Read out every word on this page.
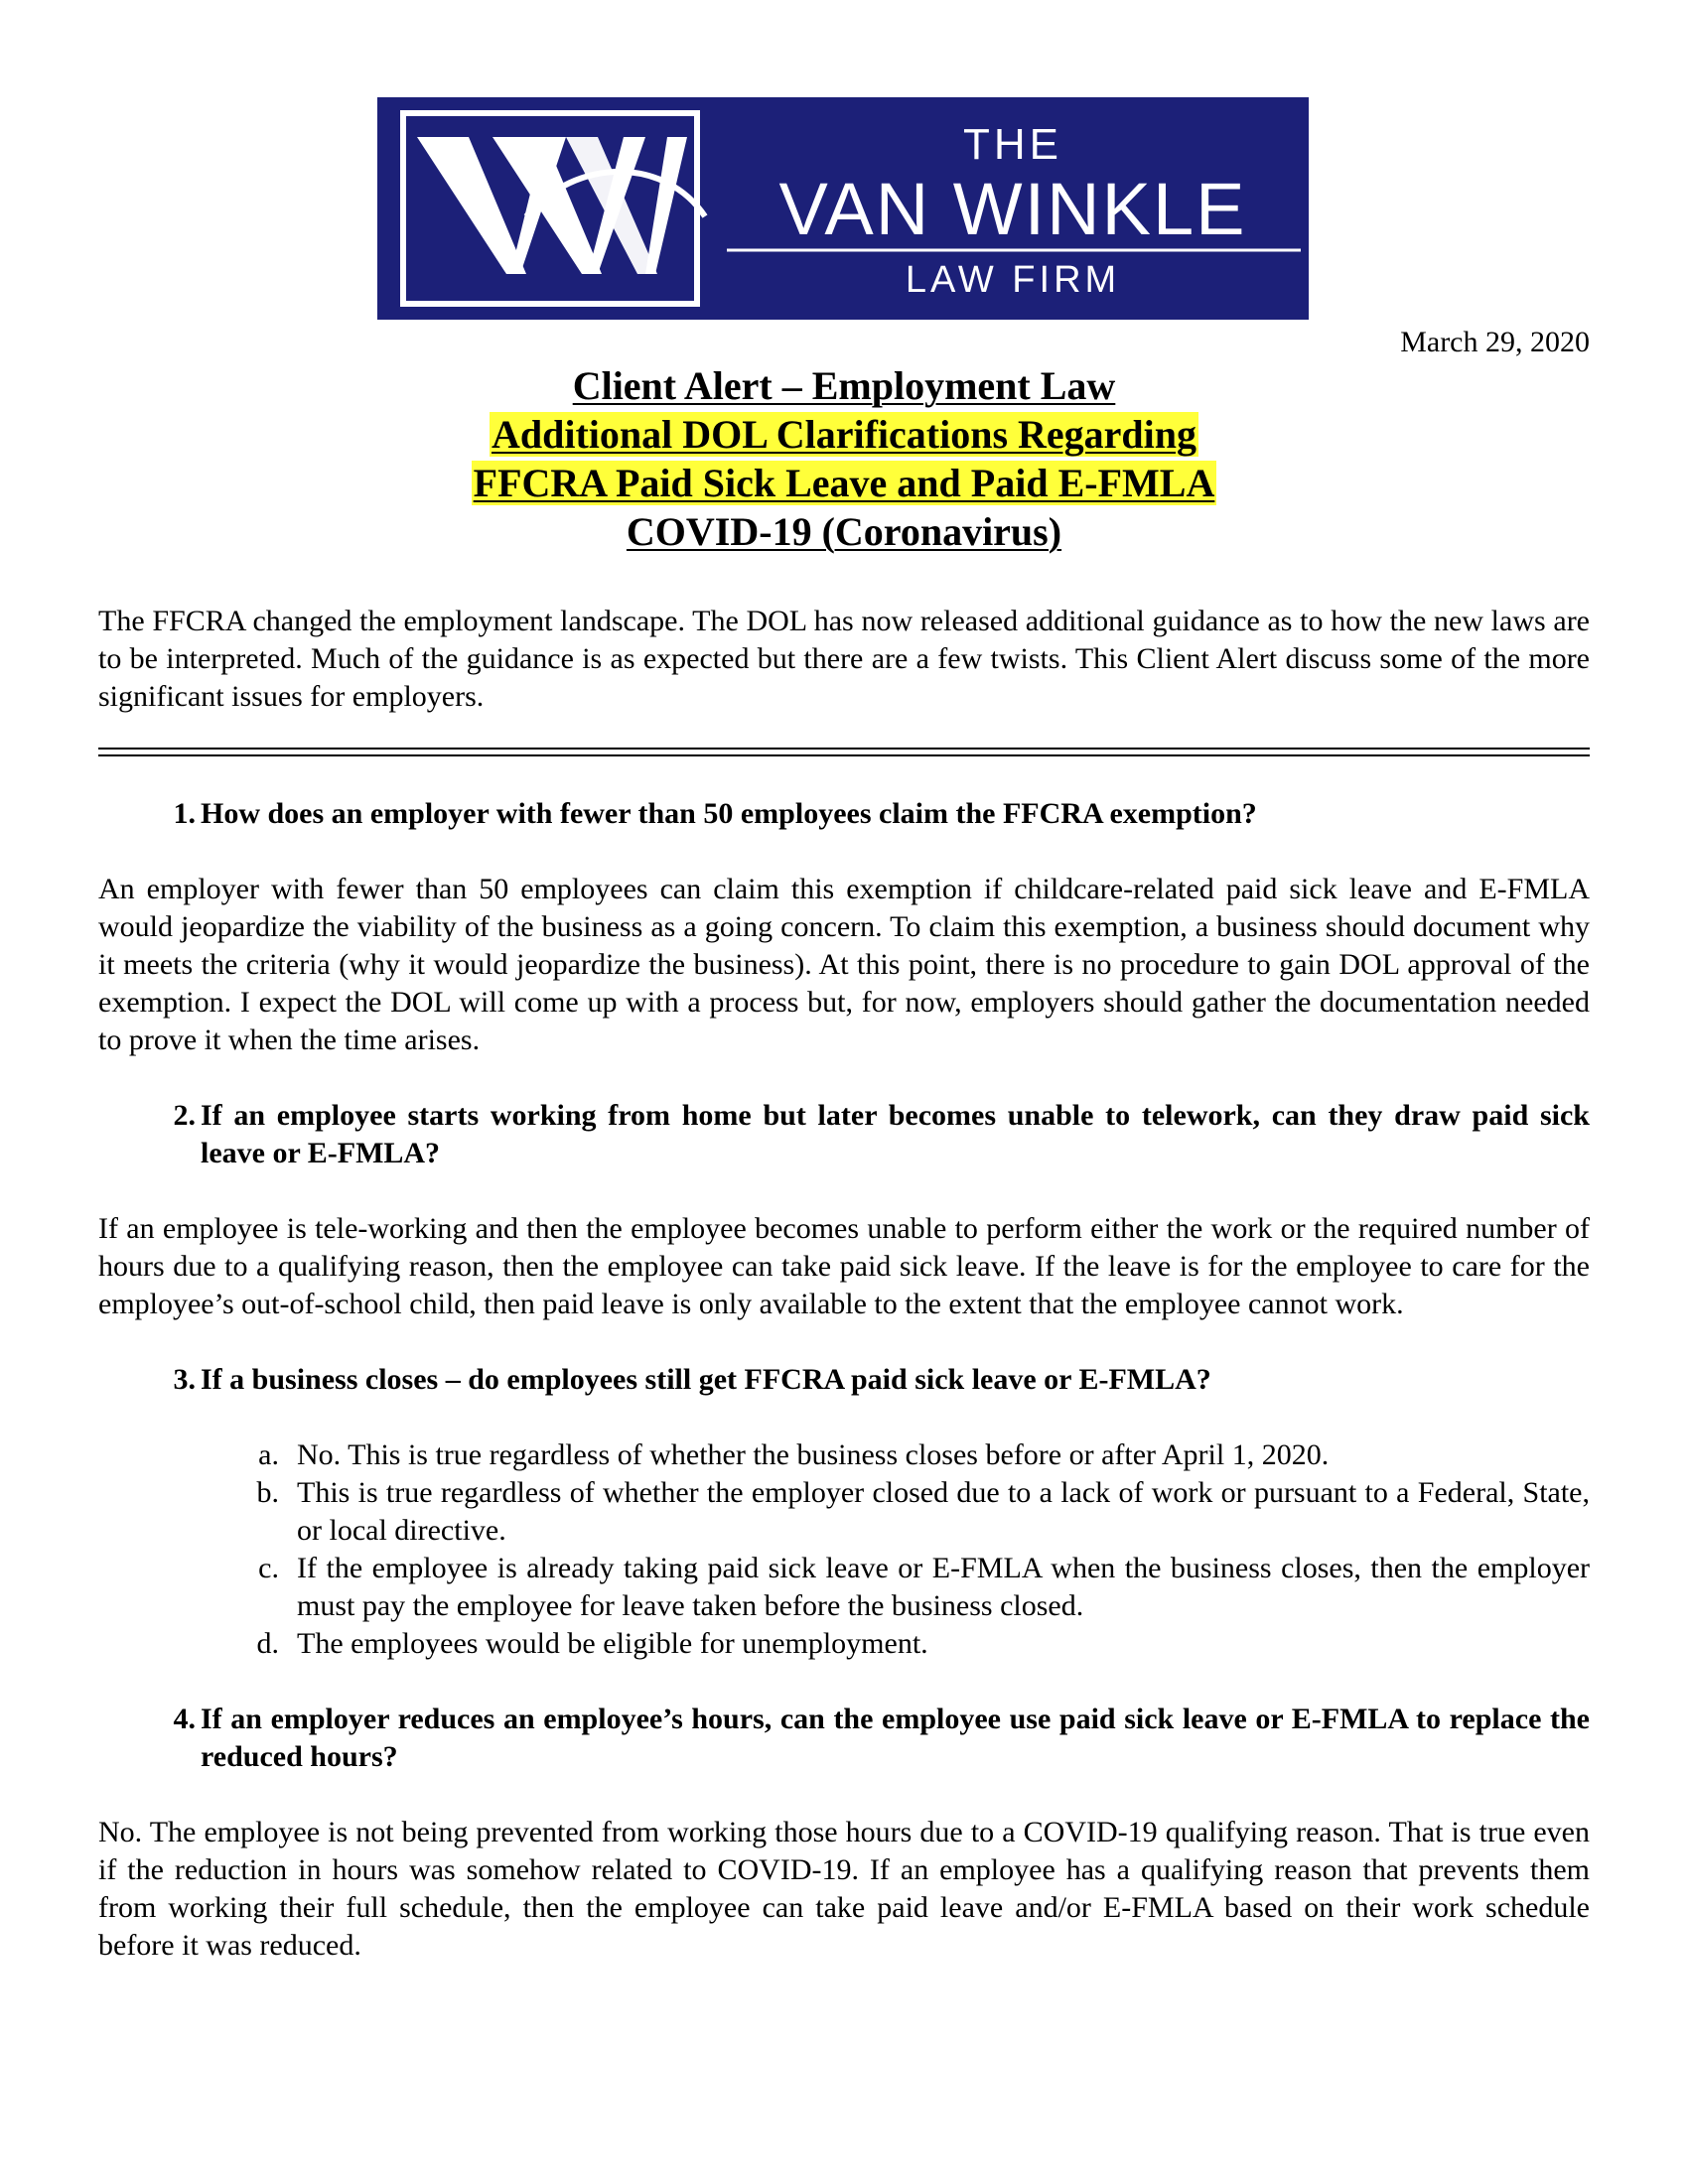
THE
VAN WINKLE
LAW FIRM
March 29, 2020
Client Alert – Employment Law
Additional DOL Clarifications Regarding
FFCRA Paid Sick Leave and Paid E-FMLA
COVID-19 (Coronavirus)

The FFCRA changed the employment landscape. The DOL has now released additional guidance as to how the new laws are to be interpreted. Much of the guidance is as expected but there are a few twists. This Client Alert discuss some of the more significant issues for employers.

1. How does an employer with fewer than 50 employees claim the FFCRA exemption?

An employer with fewer than 50 employees can claim this exemption if childcare-related paid sick leave and E-FMLA would jeopardize the viability of the business as a going concern. To claim this exemption, a business should document why it meets the criteria (why it would jeopardize the business). At this point, there is no procedure to gain DOL approval of the exemption. I expect the DOL will come up with a process but, for now, employers should gather the documentation needed to prove it when the time arises.

2. If an employee starts working from home but later becomes unable to telework, can they draw paid sick leave or E-FMLA?

If an employee is tele-working and then the employee becomes unable to perform either the work or the required number of hours due to a qualifying reason, then the employee can take paid sick leave. If the leave is for the employee to care for the employee’s out-of-school child, then paid leave is only available to the extent that the employee cannot work.

3. If a business closes – do employees still get FFCRA paid sick leave or E-FMLA?
a. No. This is true regardless of whether the business closes before or after April 1, 2020.
b. This is true regardless of whether the employer closed due to a lack of work or pursuant to a Federal, State, or local directive.
c. If the employee is already taking paid sick leave or E-FMLA when the business closes, then the employer must pay the employee for leave taken before the business closed.
d. The employees would be eligible for unemployment.
4. If an employer reduces an employee’s hours, can the employee use paid sick leave or E-FMLA to replace the reduced hours?

No. The employee is not being prevented from working those hours due to a COVID-19 qualifying reason. That is true even if the reduction in hours was somehow related to COVID-19. If an employee has a qualifying reason that prevents them from working their full schedule, then the employee can take paid leave and/or E-FMLA based on their work schedule before it was reduced.
